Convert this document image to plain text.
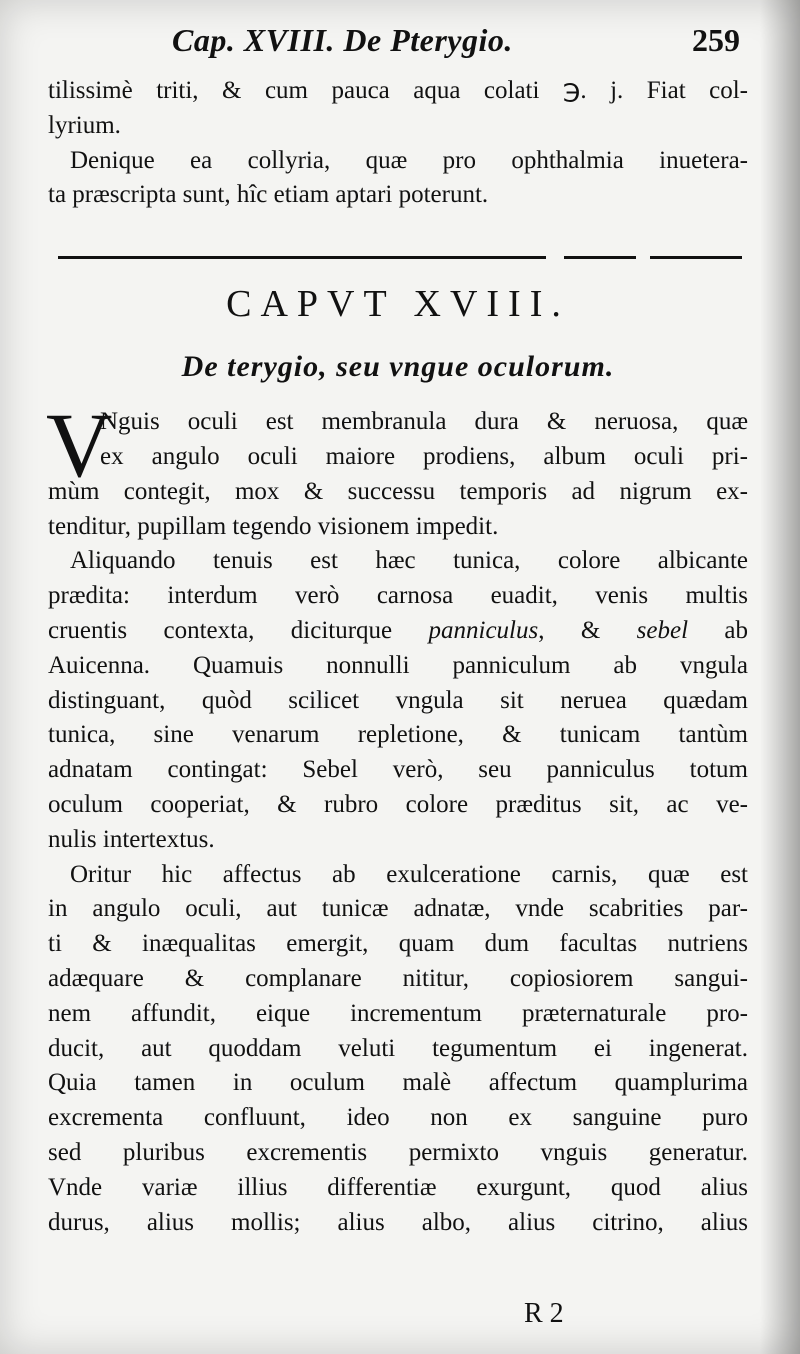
Cap. XVIII. De Pterygio.	259
tilissimè triti, & cum pauca aqua colati ℈. j. Fiat col-
lyrium.
Denique ea collyria, quæ pro ophthalmia inuetera-
ta præscripta sunt, hîc etiam aptari poterunt.
CAPVT XVIII.
De terygio, seu vngue oculorum.
V
Nguis oculi est membranula dura & neruosa, quæ
ex angulo oculi maiore prodiens, album oculi pri-
mùm contegit, mox & successu temporis ad nigrum ex-
tenditur, pupillam tegendo visionem impedit.
Aliquando tenuis est hæc tunica, colore albicante
prædita: interdum verò carnosa euadit, venis multis
cruentis contexta, diciturque panniculus, & sebel ab
Auicenna. Quamuis nonnulli panniculum ab vngula
distinguant, quòd scilicet vngula sit neruea quædam
tunica, sine venarum repletione, & tunicam tantùm
adnatam contingat: Sebel verò, seu panniculus totum
oculum cooperiat, & rubro colore præditus sit, ac ve-
nulis intertextus.
Oritur hic affectus ab exulceratione carnis, quæ est
in angulo oculi, aut tunicæ adnatæ, vnde scabrities par-
ti & inæqualitas emergit, quam dum facultas nutriens
adæquare & complanare nititur, copiosiorem sangui-
nem affundit, eique incrementum præternaturale pro-
ducit, aut quoddam veluti tegumentum ei ingenerat.
Quia tamen in oculum malè affectum quamplurima
excrementa confluunt, ideo non ex sanguine puro
sed pluribus excrementis permixto vnguis generatur.
Vnde variæ illius differentiæ exurgunt, quod alius
durus, alius mollis; alius albo, alius citrino, alius
R 2
